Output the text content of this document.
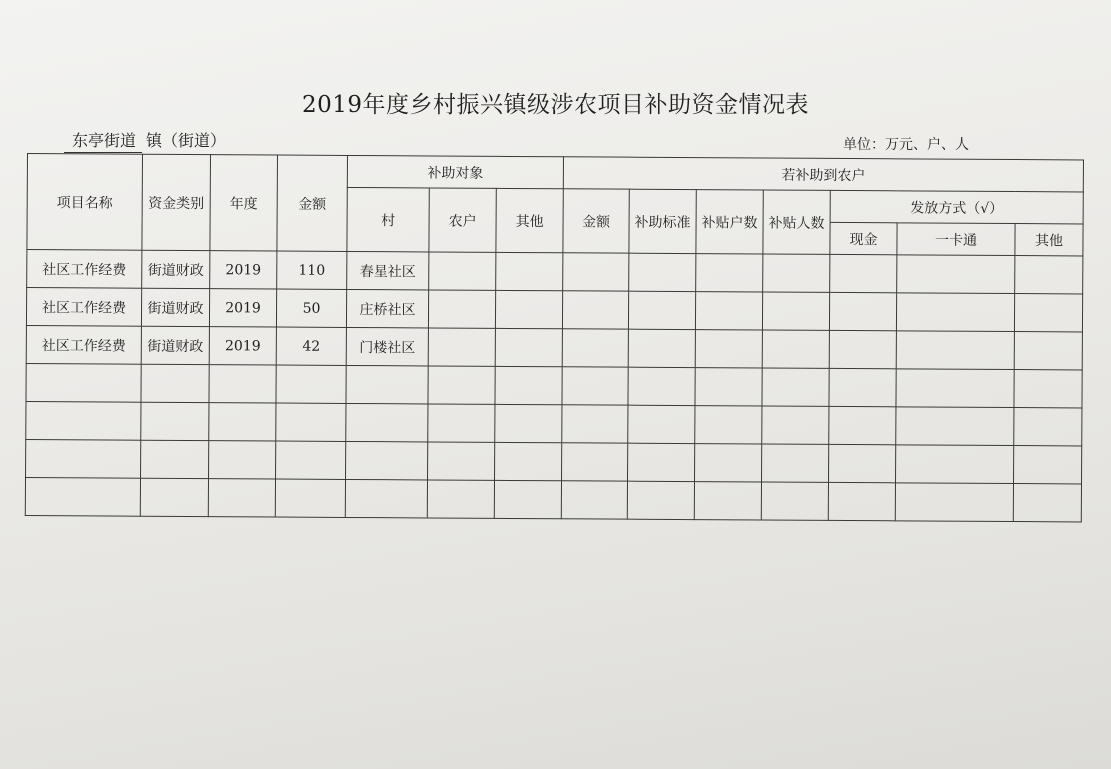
2019年度乡村振兴镇级涉农项目补助资金情况表
东亭街道 镇（街道）	单位：万元、户、人
项目名称	资金类别	年度	金额	补助对象			若补助到农户						
				村	农户	其他	金额	补助标准	补贴户数	补贴人数	发放方式（√）		
											现金	一卡通	其他
社区工作经费	街道财政	2019	110	春星社区									
社区工作经费	街道财政	2019	50	庄桥社区									
社区工作经费	街道财政	2019	42	门楼社区									
